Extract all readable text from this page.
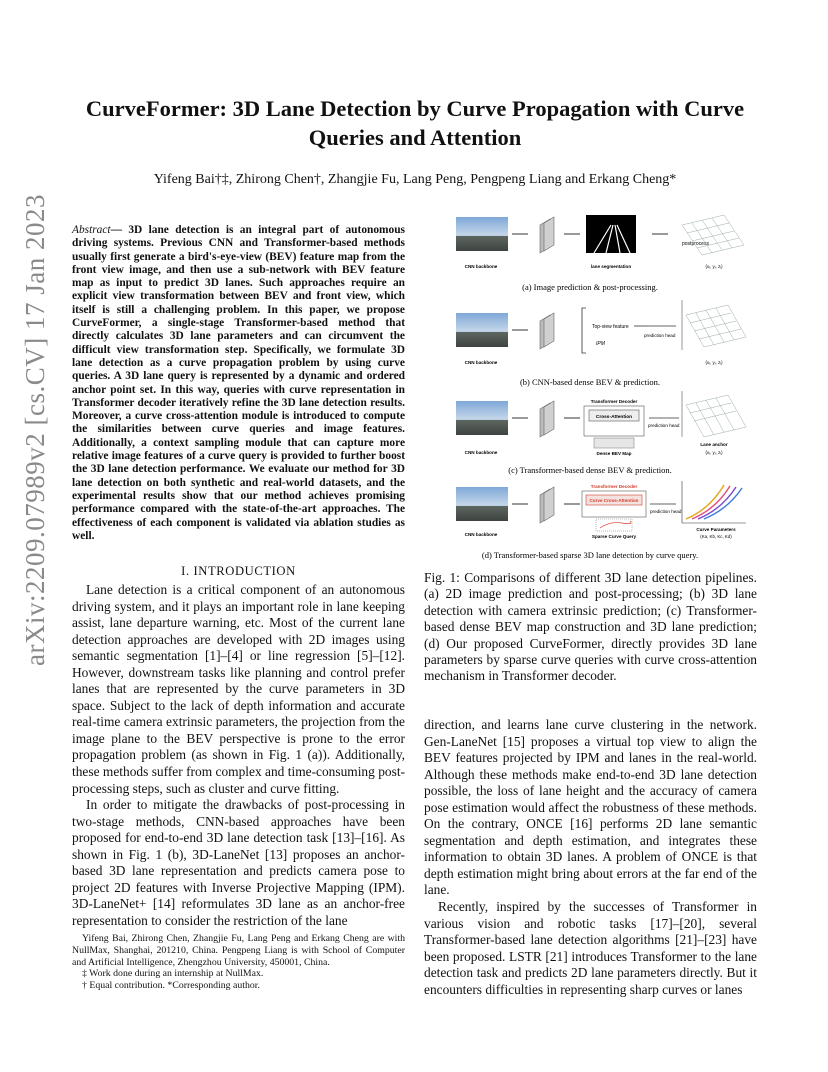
arXiv:2209.07989v2 [cs.CV] 17 Jan 2023
CurveFormer: 3D Lane Detection by Curve Propagation with Curve Queries and Attention
Yifeng Bai†‡, Zhirong Chen†, Zhangjie Fu, Lang Peng, Pengpeng Liang and Erkang Cheng*
Abstract— 3D lane detection is an integral part of autonomous driving systems. Previous CNN and Transformer-based methods usually first generate a bird's-eye-view (BEV) feature map from the front view image, and then use a sub-network with BEV feature map as input to predict 3D lanes. Such approaches require an explicit view transformation between BEV and front view, which itself is still a challenging problem. In this paper, we propose CurveFormer, a single-stage Transformer-based method that directly calculates 3D lane parameters and can circumvent the difficult view transformation step. Specifically, we formulate 3D lane detection as a curve propagation problem by using curve queries. A 3D lane query is represented by a dynamic and ordered anchor point set. In this way, queries with curve representation in Transformer decoder iteratively refine the 3D lane detection results. Moreover, a curve cross-attention module is introduced to compute the similarities between curve queries and image features. Additionally, a context sampling module that can capture more relative image features of a curve query is provided to further boost the 3D lane detection performance. We evaluate our method for 3D lane detection on both synthetic and real-world datasets, and the experimental results show that our method achieves promising performance compared with the state-of-the-art approaches. The effectiveness of each component is validated via ablation studies as well.
I. INTRODUCTION

Lane detection is a critical component of an autonomous driving system, and it plays an important role in lane keeping assist, lane departure warning, etc. Most of the current lane detection approaches are developed with 2D images using semantic segmentation [1]–[4] or line regression [5]–[12]. However, downstream tasks like planning and control prefer lanes that are represented by the curve parameters in 3D space. Subject to the lack of depth information and accurate real-time camera extrinsic parameters, the projection from the image plane to the BEV perspective is prone to the error propagation problem (as shown in Fig. 1 (a)). Additionally, these methods suffer from complex and time-consuming post-processing steps, such as cluster and curve fitting.

In order to mitigate the drawbacks of post-processing in two-stage methods, CNN-based approaches have been proposed for end-to-end 3D lane detection task [13]–[16]. As shown in Fig. 1 (b), 3D-LaneNet [13] proposes an anchor-based 3D lane representation and predicts camera pose to project 2D features with Inverse Projective Mapping (IPM). 3D-LaneNet+ [14] reformulates 3D lane as an anchor-free representation to consider the restriction of the lane

Yifeng Bai, Zhirong Chen, Zhangjie Fu, Lang Peng and Erkang Cheng are with NullMax, Shanghai, 201210, China. Pengpeng Liang is with School of Computer and Artificial Intelligence, Zhengzhou University, 450001, China.
‡ Work done during an internship at NullMax.
† Equal contribution. *Corresponding author.
postprocess
CNN backbone	lane segmentation	{xᵢ, yᵢ, zᵢ}
(a) Image prediction & post-processing.
Top-view feature
IPM
prediction head
CNN backbone	{xᵢ, yᵢ, zᵢ}
(b) CNN-based dense BEV & prediction.
Transformer Decoder
Cross-Attention
prediction head
CNN backbone	Dense BEV Map
Lane anchor
{xᵢ, yᵢ, zᵢ}
(c) Transformer-based dense BEV & prediction.
Transformer Decoder
Curve Cross-Attention
prediction head
CNN backbone	Sparse Curve Query
Curve Parameters
(Ka, Kb, Kc, Kd)
(d) Transformer-based sparse 3D lane detection by curve query.
Fig. 1: Comparisons of different 3D lane detection pipelines. (a) 2D image prediction and post-processing; (b) 3D lane detection with camera extrinsic prediction; (c) Transformer-based dense BEV map construction and 3D lane prediction; (d) Our proposed CurveFormer, directly provides 3D lane parameters by sparse curve queries with curve cross-attention mechanism in Transformer decoder.

direction, and learns lane curve clustering in the network. Gen-LaneNet [15] proposes a virtual top view to align the BEV features projected by IPM and lanes in the real-world. Although these methods make end-to-end 3D lane detection possible, the loss of lane height and the accuracy of camera pose estimation would affect the robustness of these methods. On the contrary, ONCE [16] performs 2D lane semantic segmentation and depth estimation, and integrates these information to obtain 3D lanes. A problem of ONCE is that depth estimation might bring about errors at the far end of the lane.

Recently, inspired by the successes of Transformer in various vision and robotic tasks [17]–[20], several Transformer-based lane detection algorithms [21]–[23] have been proposed. LSTR [21] introduces Transformer to the lane detection task and predicts 2D lane parameters directly. But it encounters difficulties in representing sharp curves or lanes
